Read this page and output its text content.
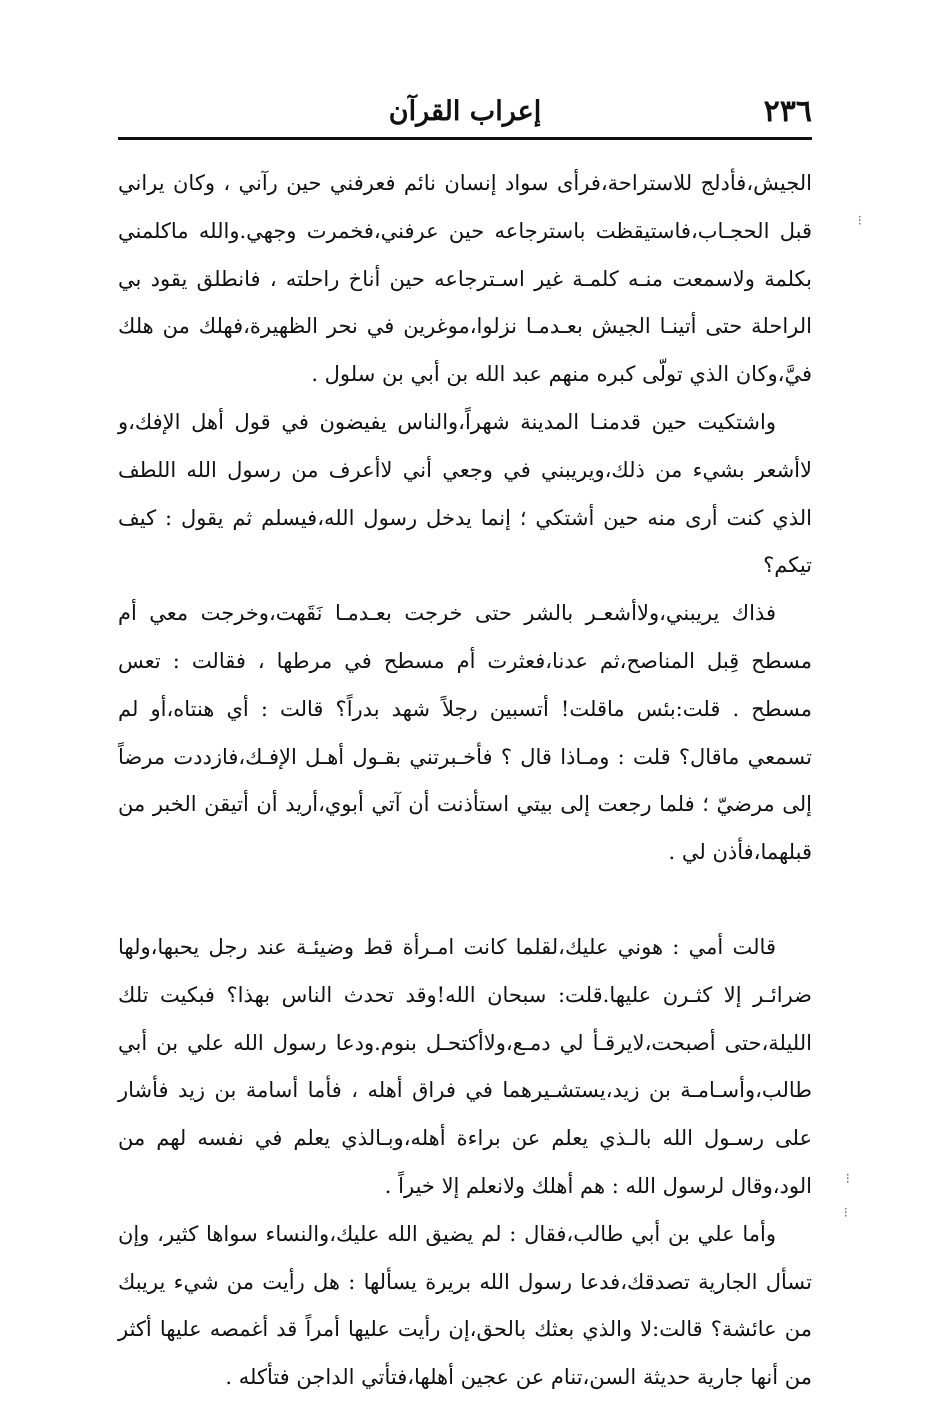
٢٣٦
إعراب القرآن

الجيش،فأدلج للاستراحة،فرأى سواد إنسان نائم فعرفني حين رآني ، وكان يراني قبل الحجـاب،فاستيقظت باسترجاعه حين عرفني،فخمرت وجهي.والله ماكلمني بكلمة ولاسمعت منـه كلمـة غير اسـترجاعه حين أناخ راحلته ، فانطلق يقود بي الراحلة حتى أتينـا الجيش بعـدمـا نزلوا،موغرين في نحر الظهيرة،فهلك من هلك فيَّ،وكان الذي تولّى كبره منهم عبد الله بن أبي بن سلول .

واشتكيت حين قدمنـا المدينة شهراً،والناس يفيضون في قول أهل الإفك،و لاأشعر بشيء من ذلك،ويريبني في وجعي أني لاأعرف من رسول الله اللطف الذي كنت أرى منه حين أشتكي ؛ إنما يدخل رسول الله،فيسلم ثم يقول : كيف تيكم؟

فذاك يريبني،ولاأشعـر بالشر حتى خرجت بعـدمـا نَقَهت،وخرجت معي أم مسطح قِبل المناصح،ثم عدنا،فعثرت أم مسطح في مرطها ، فقالت : تعس مسطح . قلت:بئس ماقلت! أتسبين رجلاً شهد بدراً؟ قالت : أي هنتاه،أو لم تسمعي ماقال؟ قلت : ومـاذا قال ؟ فأخـبرتني بقـول أهـل الإفـك،فازددت مرضاً إلى مرضيّ ؛ فلما رجعت إلى بيتي استأذنت أن آتي أبوي،أريد أن أتيقن الخبر من قبلهما،فأذن لي .

قالت أمي : هوني عليك،لقلما كانت امـرأة قط وضيئـة عند رجل يحبها،ولها ضرائـر إلا كثـرن عليها.قلت: سبحان الله!وقد تحدث الناس بهذا؟ فبكيت تلك الليلة،حتى أصبحت،لايرقـأ لي دمـع،ولاأكتحـل بنوم.ودعا رسول الله علي بن أبي طالب،وأسـامـة بن زيد،يستشـيرهما في فراق أهله ، فأما أسامة بن زيد فأشار على رسـول الله بالـذي يعلم عن براءة أهله،وبـالذي يعلم في نفسه لهم من الود،وقال لرسول الله : هم أهلك ولانعلم إلا خيراً .

وأما علي بن أبي طالب،فقال : لم يضيق الله عليك،والنساء سواها كثير، وإن تسأل الجارية تصدقك،فدعا رسول الله بريرة يسألها : هل رأيت من شيء يريبك من عائشة؟ قالت:لا والذي بعثك بالحق،إن رأيت عليها أمراً قد أغمصه عليها أكثر من أنها جارية حديثة السن،تنام عن عجين أهلها،فتأتي الداجن فتأكله .

⁝
⁝
⁝
